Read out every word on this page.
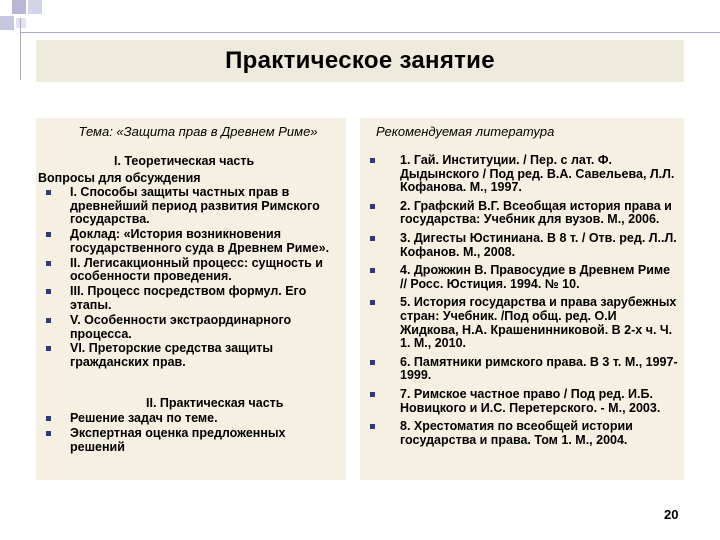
Практическое занятие
Тема: «Защита прав в Древнем Риме»
I. Теоретическая часть
Вопросы для обсуждения
I. Способы защиты частных прав в древнейший период развития Римского государства.
Доклад: «История возникновения государственного суда в Древнем Риме».
II. Легисакционный процесс: сущность и особенности проведения.
III. Процесс посредством формул. Его этапы.
V. Особенности экстраординарного процесса.
VI. Преторские средства защиты гражданских прав.
II. Практическая часть
Решение задач по теме.
Экспертная оценка предложенных решений
Рекомендуемая литература
1. Гай. Институции. / Пер. с лат. Ф. Дыдынского / Под ред. В.А. Савельева, Л.Л. Кофанова. М., 1997.
2. Графский В.Г. Всеобщая история права и государства: Учебник для вузов. М., 2006.
3. Дигесты Юстиниана. В 8 т. / Отв. ред. Л..Л. Кофанов. М., 2008.
4. Дрожжин В. Правосудие в Древнем Риме // Росс. Юстиция. 1994. № 10.
5. История государства и права зарубежных стран: Учебник. /Под общ. ред. О.И Жидкова, Н.А. Крашенинниковой. В 2-х ч. Ч. 1. М., 2010.
6. Памятники римского права. В 3 т. М., 1997-1999.
7. Римское частное право / Под ред. И.Б. Новицкого и И.С. Перетерского. - М., 2003.
8. Хрестоматия по всеобщей истории государства и права. Том 1. М., 2004.
20
